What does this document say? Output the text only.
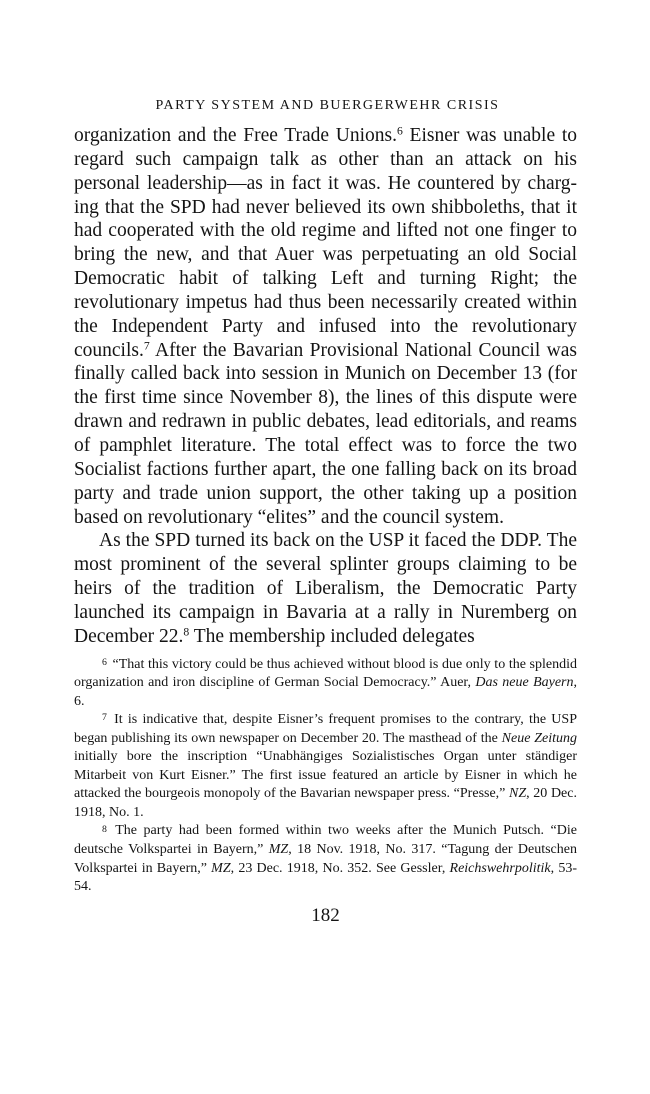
PARTY SYSTEM AND BUERGERWEHR CRISIS

organization and the Free Trade Unions.$^6$ Eisner was unable to regard such campaign talk as other than an attack on his personal leadership—as in fact it was. He countered by charging that the SPD had never believed its own shibboleths, that it had cooperated with the old regime and lifted not one finger to bring the new, and that Auer was perpetuating an old Social Democratic habit of talking Left and turning Right; the revolutionary impetus had thus been necessarily created within the Independent Party and infused into the revolutionary councils.$^7$ After the Bavarian Provisional National Council was finally called back into session in Munich on December 13 (for the first time since November 8), the lines of this dispute were drawn and redrawn in public debates, lead editorials, and reams of pamphlet literature. The total effect was to force the two Socialist factions further apart, the one falling back on its broad party and trade union support, the other taking up a position based on revolutionary “elites” and the council system.

As the SPD turned its back on the USP it faced the DDP. The most prominent of the several splinter groups claiming to be heirs of the tradition of Liberalism, the Democratic Party launched its campaign in Bavaria at a rally in Nuremberg on December 22.$^8$ The membership included delegates

$^6$ “That this victory could be thus achieved without blood is due only to the splendid organization and iron discipline of German Social Democracy.” Auer, Das neue Bayern, 6.

$^7$ It is indicative that, despite Eisner’s frequent promises to the contrary, the USP began publishing its own newspaper on December 20. The masthead of the Neue Zeitung initially bore the inscription “Unabhängiges Sozialistisches Organ unter ständiger Mitarbeit von Kurt Eisner.” The first issue featured an article by Eisner in which he attacked the bourgeois monopoly of the Bavarian newspaper press. “Presse,” NZ, 20 Dec. 1918, No. 1.

$^8$ The party had been formed within two weeks after the Munich Putsch. “Die deutsche Volkspartei in Bayern,” MZ, 18 Nov. 1918, No. 317. “Tagung der Deutschen Volkspartei in Bayern,” MZ, 23 Dec. 1918, No. 352. See Gessler, Reichswehrpolitik, 53-54.

182
